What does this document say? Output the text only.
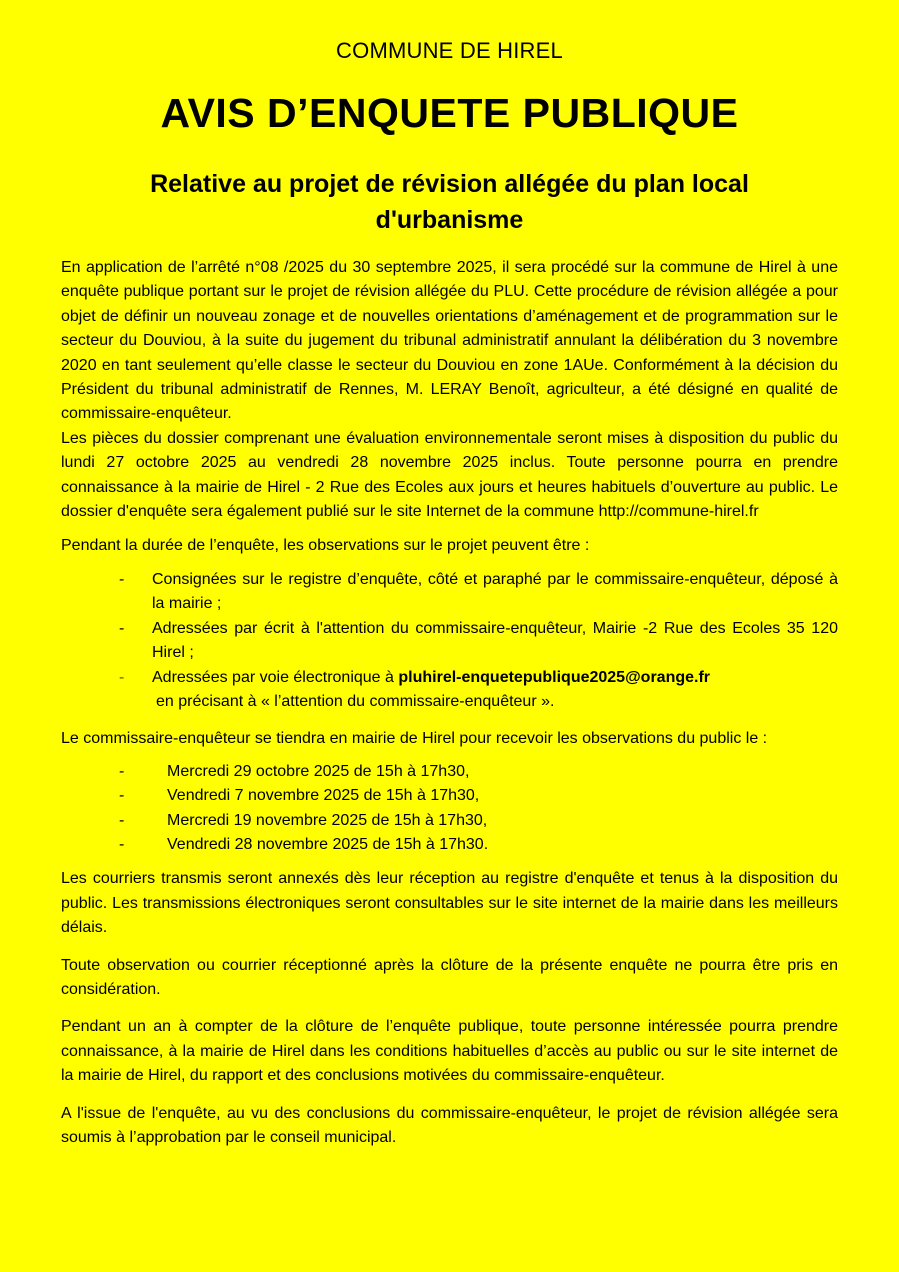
COMMUNE DE HIREL
AVIS D’ENQUETE PUBLIQUE
Relative au projet de révision allégée du plan local d'urbanisme

En application de l’arrêté n°08 /2025 du 30 septembre 2025, il sera procédé sur la commune de Hirel à une enquête publique portant sur le projet de révision allégée du PLU. Cette procédure de révision allégée a pour objet de définir un nouveau zonage et de nouvelles orientations d’aménagement et de programmation sur le secteur du Douviou, à la suite du jugement du tribunal administratif annulant la délibération du 3 novembre 2020 en tant seulement qu’elle classe le secteur du Douviou en zone 1AUe. Conformément à la décision du Président du tribunal administratif de Rennes, M. LERAY Benoît, agriculteur, a été désigné en qualité de commissaire-enquêteur.

Les pièces du dossier comprenant une évaluation environnementale seront mises à disposition du public du lundi 27 octobre 2025 au vendredi 28 novembre 2025 inclus. Toute personne pourra en prendre connaissance à la mairie de Hirel - 2 Rue des Ecoles aux jours et heures habituels d’ouverture au public. Le dossier d'enquête sera également publié sur le site Internet de la commune http://commune-hirel.fr

Pendant la durée de l’enquête, les observations sur le projet peuvent être :

- Consignées sur le registre d’enquête, côté et paraphé par le commissaire-enquêteur, déposé à la mairie ;
- Adressées par écrit à l'attention du commissaire-enquêteur, Mairie -2 Rue des Ecoles 35 120 Hirel ;
- Adressées par voie électronique à pluhirel-enquetepublique2025@orange.fr
en précisant à « l’attention du commissaire-enquêteur ».

Le commissaire-enquêteur se tiendra en mairie de Hirel pour recevoir les observations du public le :

-	Mercredi 29 octobre 2025 de 15h à 17h30,
-	Vendredi 7 novembre 2025 de 15h à 17h30,
-	Mercredi 19 novembre 2025 de 15h à 17h30,
-	Vendredi 28 novembre 2025 de 15h à 17h30.

Les courriers transmis seront annexés dès leur réception au registre d'enquête et tenus à la disposition du public. Les transmissions électroniques seront consultables sur le site internet de la mairie dans les meilleurs délais.

Toute observation ou courrier réceptionné après la clôture de la présente enquête ne pourra être pris en considération.

Pendant un an à compter de la clôture de l’enquête publique, toute personne intéressée pourra prendre connaissance, à la mairie de Hirel dans les conditions habituelles d’accès au public ou sur le site internet de la mairie de Hirel, du rapport et des conclusions motivées du commissaire-enquêteur.

A l'issue de l'enquête, au vu des conclusions du commissaire-enquêteur, le projet de révision allégée sera soumis à l’approbation par le conseil municipal.
